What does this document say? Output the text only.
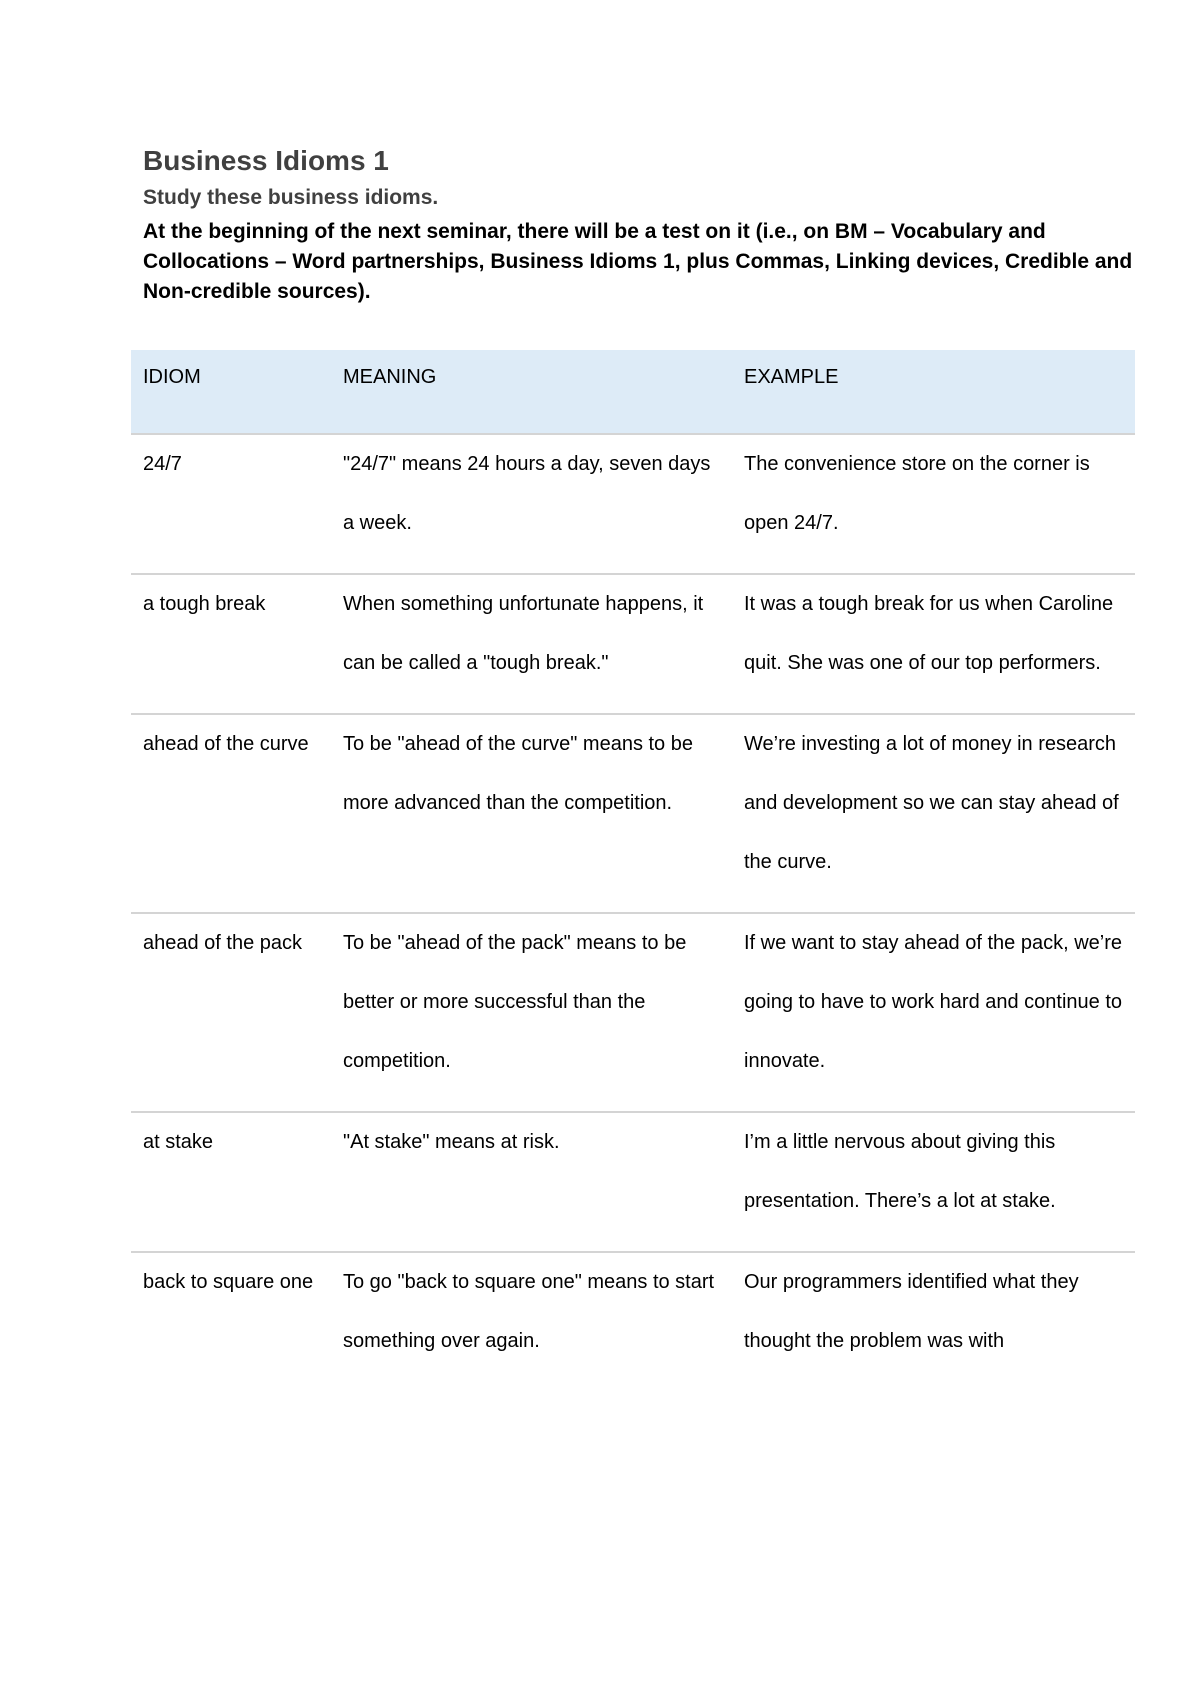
Business Idioms 1

Study these business idioms.

At the beginning of the next seminar, there will be a test on it (i.e., on BM – Vocabulary and Collocations – Word partnerships, Business Idioms 1, plus Commas, Linking devices, Credible and Non-credible sources).

IDIOM	MEANING	EXAMPLE
24/7	"24/7" means 24 hours a day, seven days a week.	The convenience store on the corner is open 24/7.
a tough break	When something unfortunate happens, it can be called a "tough break."	It was a tough break for us when Caroline quit. She was one of our top performers.
ahead of the curve	To be "ahead of the curve" means to be more advanced than the competition.	We’re investing a lot of money in research and development so we can stay ahead of the curve.
ahead of the pack	To be "ahead of the pack" means to be better or more successful than the competition.	If we want to stay ahead of the pack, we’re going to have to work hard and continue to innovate.
at stake	"At stake" means at risk.	I’m a little nervous about giving this presentation. There’s a lot at stake.
back to square one	To go "back to square one" means to start something over again.	Our programmers identified what they thought the problem was with
